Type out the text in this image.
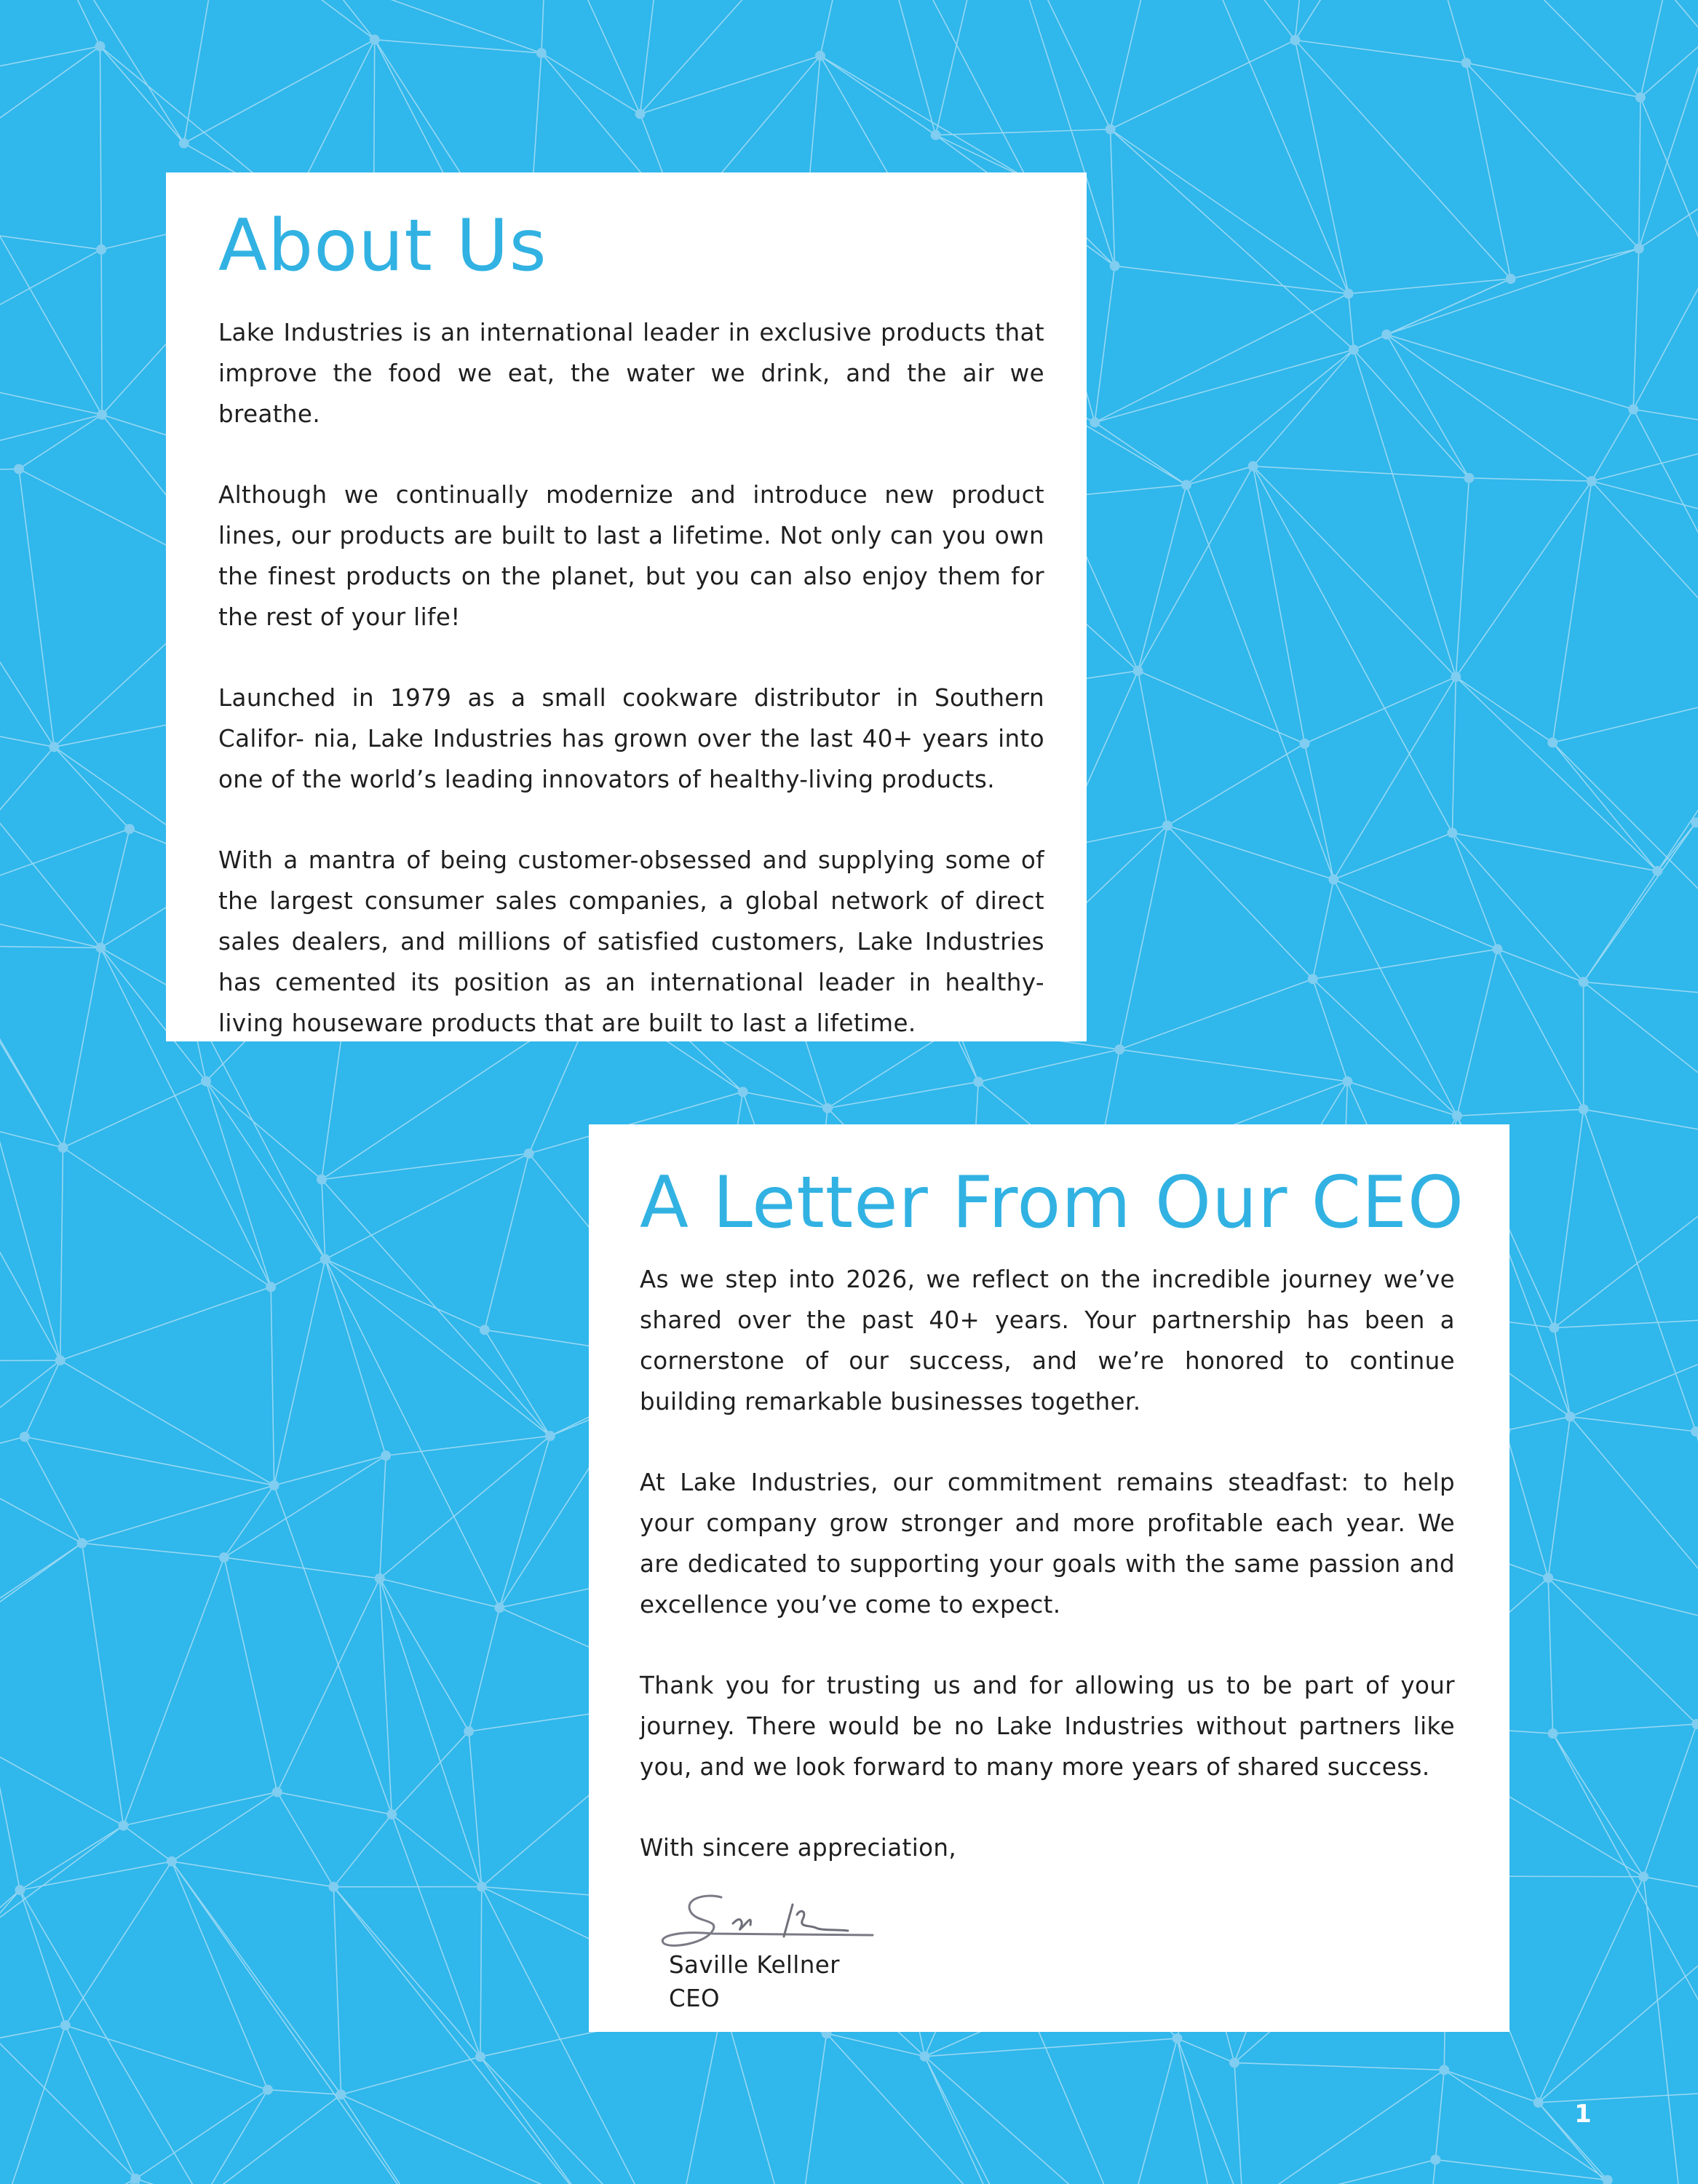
About Us

Lake Industries is an international leader in exclusive products that improve the food we eat, the water we drink, and the air we breathe.

Although we continually modernize and introduce new product lines, our products are built to last a lifetime. Not only can you own the finest products on the planet, but you can also enjoy them for the rest of your life!

Launched in 1979 as a small cookware distributor in Southern Califor- nia, Lake Industries has grown over the last 40+ years into one of the world’s leading innovators of healthy-living products.

With a mantra of being customer-obsessed and supplying some of the largest consumer sales companies, a global network of direct sales dealers, and millions of satisfied customers, Lake Industries has cemented its position as an international leader in healthy-living houseware products that are built to last a lifetime.

A Letter From Our CEO

As we step into 2026, we reflect on the incredible journey we’ve shared over the past 40+ years. Your partnership has been a cornerstone of our success, and we’re honored to continue building remarkable businesses together.

At Lake Industries, our commitment remains steadfast: to help your company grow stronger and more profitable each year. We are dedicated to supporting your goals with the same passion and excellence you’ve come to expect.

Thank you for trusting us and for allowing us to be part of your journey. There would be no Lake Industries without partners like you, and we look forward to many more years of shared success.

With sincere appreciation,

Saville Kellner
CEO
1
